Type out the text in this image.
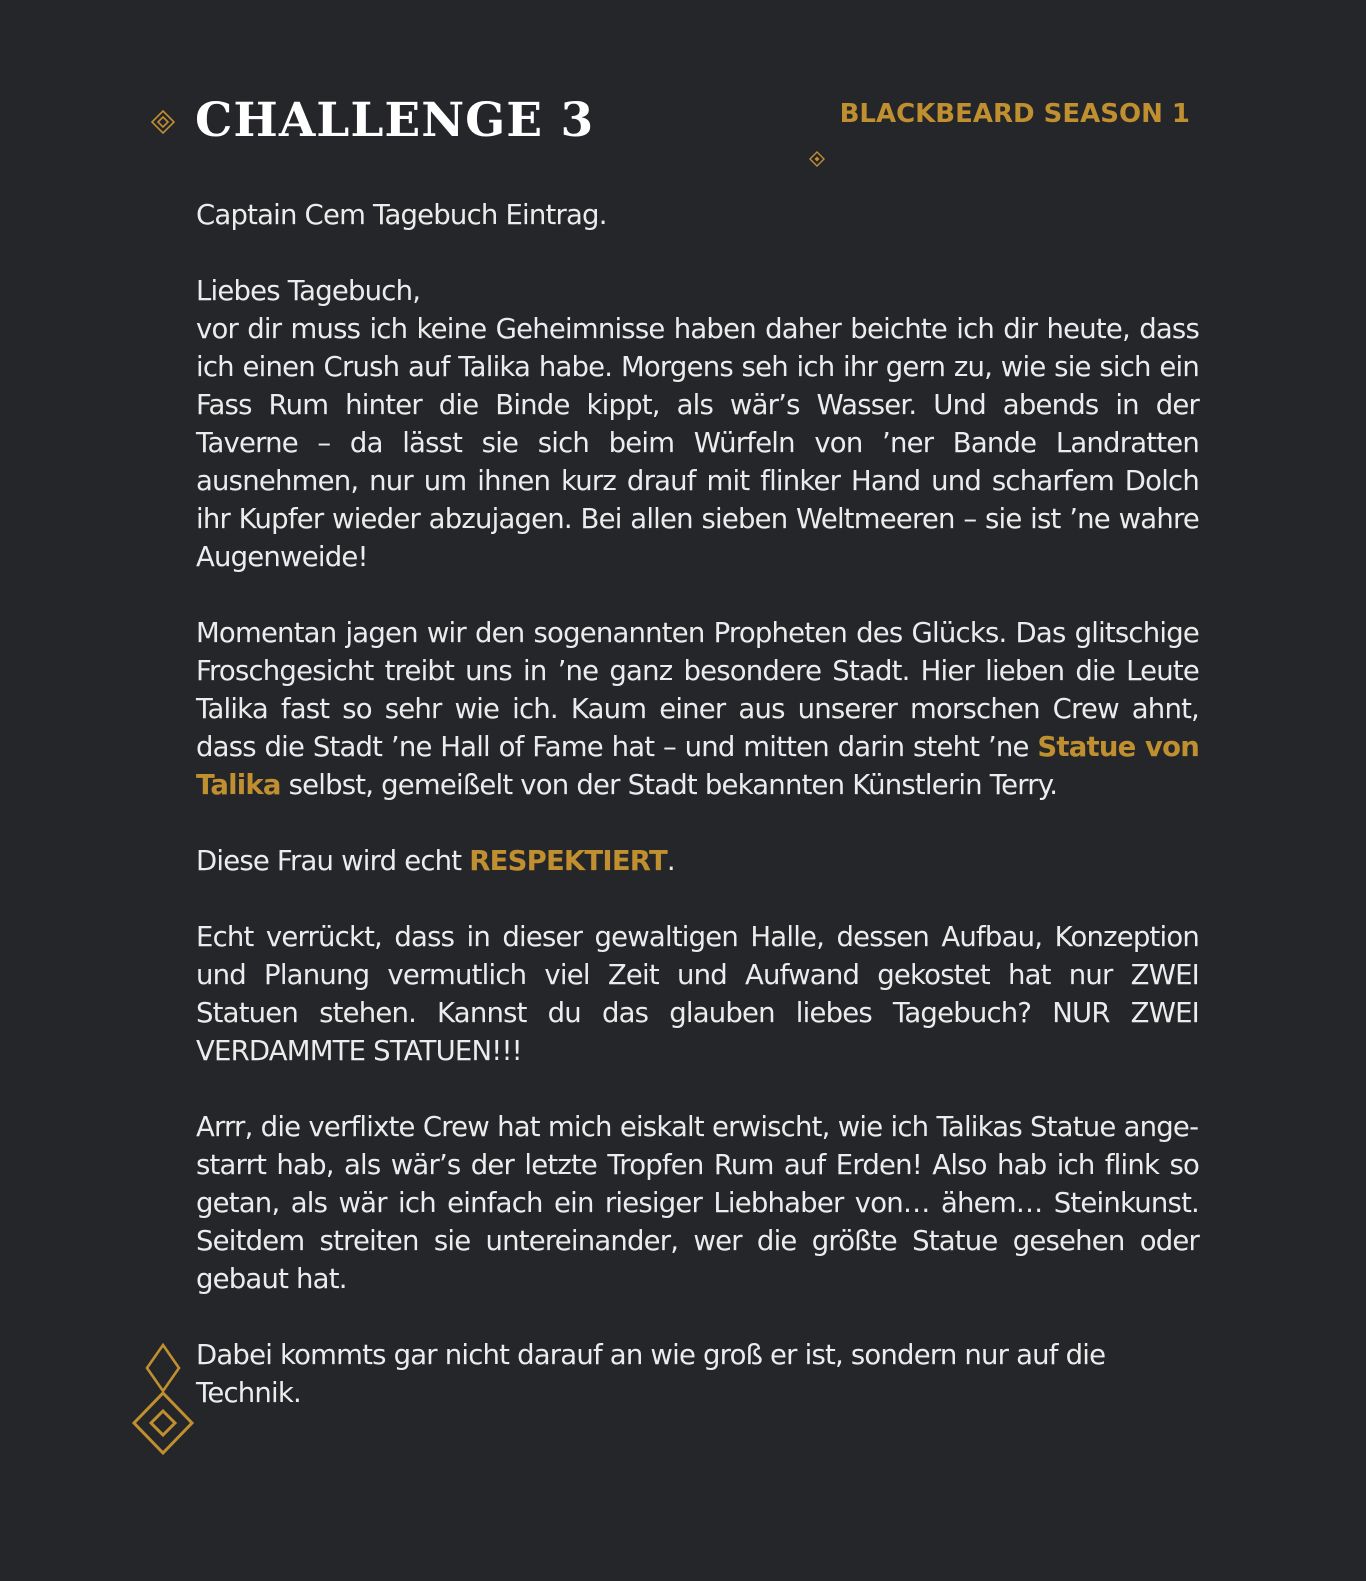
CHALLENGE 3	BLACKBEARD SEASON 1

Captain Cem Tagebuch Eintrag.

Liebes Tagebuch,
vor dir muss ich keine Geheimnisse haben daher beichte ich dir heute, dass ich einen Crush auf Talika habe. Morgens seh ich ihr gern zu, wie sie sich ein Fass Rum hinter die Binde kippt, als wär’s Wasser. Und abends in der Taverne – da lässt sie sich beim Würfeln von ’ner Bande Landratten ausnehmen, nur um ihnen kurz drauf mit flinker Hand und scharfem Dolch ihr Kupfer wieder abzujagen. Bei allen sieben Weltmeeren – sie ist ’ne wahre Augenweide!

Momentan jagen wir den sogenannten Propheten des Glücks. Das glitschige Froschgesicht treibt uns in ’ne ganz besondere Stadt. Hier lieben die Leute Talika fast so sehr wie ich. Kaum einer aus unserer morschen Crew ahnt, dass die Stadt ’ne Hall of Fame hat – und mitten darin steht ’ne Statue von Talika selbst, gemeißelt von der Stadt bekannten Künstlerin Terry.

Diese Frau wird echt RESPEKTIERT.

Echt verrückt, dass in dieser gewaltigen Halle, dessen Aufbau, Konzeption und Planung vermutlich viel Zeit und Aufwand gekostet hat nur ZWEI Statuen stehen. Kannst du das glauben liebes Tagebuch? NUR ZWEI VERDAMMTE STATUEN!!!

Arrr, die verflixte Crew hat mich eiskalt erwischt, wie ich Talikas Statue angestarrt hab, als wär’s der letzte Tropfen Rum auf Erden! Also hab ich flink so getan, als wär ich einfach ein riesiger Liebhaber von… ähem… Steinkunst. Seitdem streiten sie untereinander, wer die größte Statue gesehen oder gebaut hat.

Dabei kommts gar nicht darauf an wie groß er ist, sondern nur auf die Technik.
